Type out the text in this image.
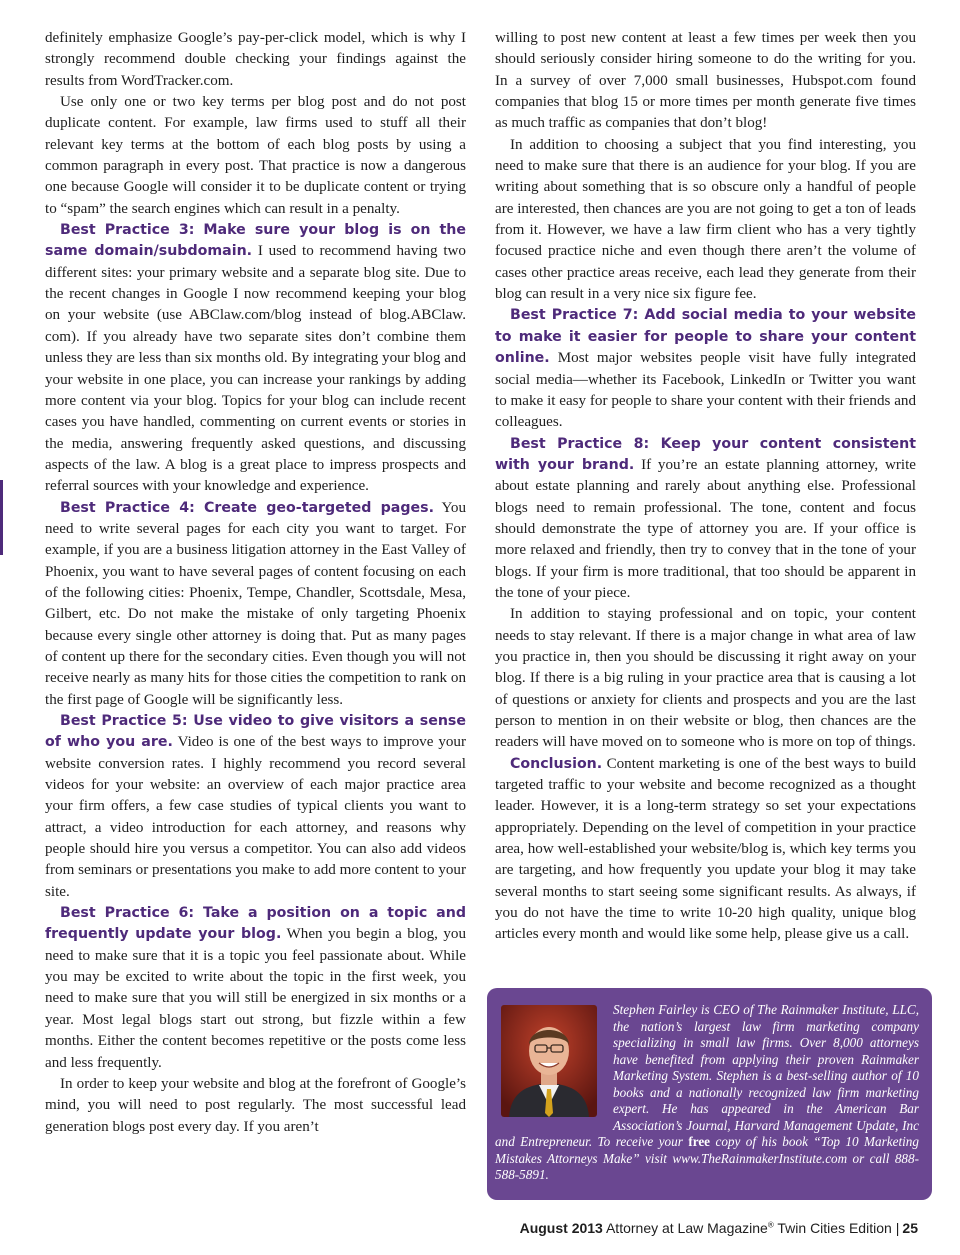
definitely emphasize Google’s pay-per-click model, which is why I strongly recommend double checking your findings against the results from WordTracker.com.

Use only one or two key terms per blog post and do not post duplicate content. For example, law firms used to stuff all their relevant key terms at the bottom of each blog posts by using a common paragraph in every post. That practice is now a dangerous one because Google will consider it to be duplicate content or trying to “spam” the search engines which can result in a penalty.

Best Practice 3: Make sure your blog is on the same domain/subdomain. I used to recommend having two different sites: your primary website and a separate blog site. Due to the recent changes in Google I now recommend keeping your blog on your website (use ABClaw.com/blog instead of blog.ABClaw. com). If you already have two separate sites don’t combine them unless they are less than six months old. By integrating your blog and your website in one place, you can increase your rankings by adding more content via your blog. Topics for your blog can include recent cases you have handled, commenting on current events or stories in the media, answering frequently asked questions, and discussing aspects of the law. A blog is a great place to impress prospects and referral sources with your knowledge and experience.

Best Practice 4: Create geo-targeted pages. You need to write several pages for each city you want to target. For example, if you are a business litigation attorney in the East Valley of Phoenix, you want to have several pages of content focusing on each of the following cities: Phoenix, Tempe, Chandler, Scottsdale, Mesa, Gilbert, etc. Do not make the mistake of only targeting Phoenix because every single other attorney is doing that. Put as many pages of content up there for the secondary cities. Even though you will not receive nearly as many hits for those cities the competition to rank on the first page of Google will be significantly less.

Best Practice 5: Use video to give visitors a sense of who you are. Video is one of the best ways to improve your website conversion rates. I highly recommend you record several videos for your website: an overview of each major practice area your firm offers, a few case studies of typical clients you want to attract, a video introduction for each attorney, and reasons why people should hire you versus a competitor. You can also add videos from seminars or presentations you make to add more content to your site.

Best Practice 6: Take a position on a topic and frequently update your blog. When you begin a blog, you need to make sure that it is a topic you feel passionate about. While you may be excited to write about the topic in the first week, you need to make sure that you will still be energized in six months or a year. Most legal blogs start out strong, but fizzle within a few months. Either the content becomes repetitive or the posts come less and less frequently.

In order to keep your website and blog at the forefront of Google’s mind, you will need to post regularly. The most successful lead generation blogs post every day. If you aren’t

willing to post new content at least a few times per week then you should seriously consider hiring someone to do the writing for you. In a survey of over 7,000 small businesses, Hubspot.com found companies that blog 15 or more times per month generate five times as much traffic as companies that don’t blog!

In addition to choosing a subject that you find interesting, you need to make sure that there is an audience for your blog. If you are writing about something that is so obscure only a handful of people are interested, then chances are you are not going to get a ton of leads from it. However, we have a law firm client who has a very tightly focused practice niche and even though there aren’t the volume of cases other practice areas receive, each lead they generate from their blog can result in a very nice six figure fee.

Best Practice 7: Add social media to your website to make it easier for people to share your content online. Most major websites people visit have fully integrated social media—whether its Facebook, LinkedIn or Twitter you want to make it easy for people to share your content with their friends and colleagues.

Best Practice 8: Keep your content consistent with your brand. If you’re an estate planning attorney, write about estate planning and rarely about anything else. Professional blogs need to remain professional. The tone, content and focus should demonstrate the type of attorney you are. If your office is more relaxed and friendly, then try to convey that in the tone of your blogs. If your firm is more traditional, that too should be apparent in the tone of your piece.

In addition to staying professional and on topic, your content needs to stay relevant. If there is a major change in what area of law you practice in, then you should be discussing it right away on your blog. If there is a big ruling in your practice area that is causing a lot of questions or anxiety for clients and prospects and you are the last person to mention in on their website or blog, then chances are the readers will have moved on to someone who is more on top of things.

Conclusion. Content marketing is one of the best ways to build targeted traffic to your website and become recognized as a thought leader. However, it is a long-term strategy so set your expectations appropriately. Depending on the level of competition in your practice area, how well-established your website/blog is, which key terms you are targeting, and how frequently you update your blog it may take several months to start seeing some significant results. As always, if you do not have the time to write 10-20 high quality, unique blog articles every month and would like some help, please give us a call.

Stephen Fairley is CEO of The Rainmaker Institute, LLC, the nation’s largest law firm marketing company specializing in small law firms. Over 8,000 attorneys have benefited from applying their proven Rainmaker Marketing System. Stephen is a best-selling author of 10 books and a nationally recognized law firm marketing expert. He has appeared in the American Bar Association’s Journal, Harvard Management Update, Inc and Entrepreneur. To receive your free copy of his book “Top 10 Marketing Mistakes Attorneys Make” visit www.TheRainmakerInstitute.com or call 888-588-5891.
August 2013 Attorney at Law Magazine® Twin Cities Edition | 25
